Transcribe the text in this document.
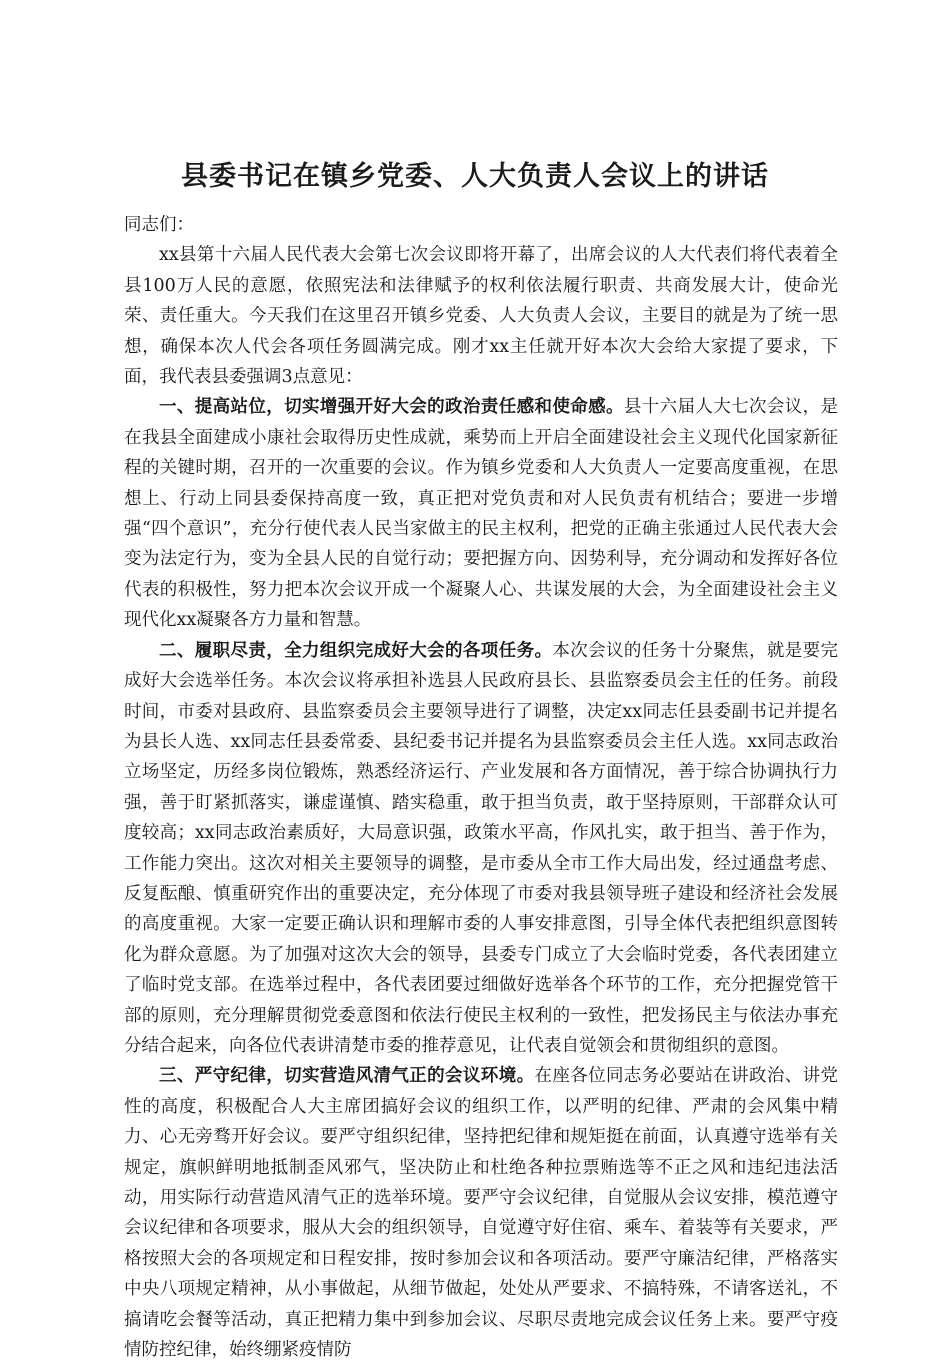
县委书记在镇乡党委、人大负责人会议上的讲话

同志们：

xx县第十六届人民代表大会第七次会议即将开幕了，出席会议的人大代表们将代表着全县100万人民的意愿，依照宪法和法律赋予的权利依法履行职责、共商发展大计，使命光荣、责任重大。今天我们在这里召开镇乡党委、人大负责人会议，主要目的就是为了统一思想，确保本次人代会各项任务圆满完成。刚才xx主任就开好本次大会给大家提了要求，下面，我代表县委强调3点意见：

一、提高站位，切实增强开好大会的政治责任感和使命感。县十六届人大七次会议，是在我县全面建成小康社会取得历史性成就，乘势而上开启全面建设社会主义现代化国家新征程的关键时期，召开的一次重要的会议。作为镇乡党委和人大负责人一定要高度重视，在思想上、行动上同县委保持高度一致，真正把对党负责和对人民负责有机结合；要进一步增强“四个意识”，充分行使代表人民当家做主的民主权利，把党的正确主张通过人民代表大会变为法定行为，变为全县人民的自觉行动；要把握方向、因势利导，充分调动和发挥好各位代表的积极性，努力把本次会议开成一个凝聚人心、共谋发展的大会，为全面建设社会主义现代化xx凝聚各方力量和智慧。

二、履职尽责，全力组织完成好大会的各项任务。本次会议的任务十分聚焦，就是要完成好大会选举任务。本次会议将承担补选县人民政府县长、县监察委员会主任的任务。前段时间，市委对县政府、县监察委员会主要领导进行了调整，决定xx同志任县委副书记并提名为县长人选、xx同志任县委常委、县纪委书记并提名为县监察委员会主任人选。xx同志政治立场坚定，历经多岗位锻炼，熟悉经济运行、产业发展和各方面情况，善于综合协调执行力强，善于盯紧抓落实，谦虚谨慎、踏实稳重，敢于担当负责，敢于坚持原则，干部群众认可度较高；xx同志政治素质好，大局意识强，政策水平高，作风扎实，敢于担当、善于作为，工作能力突出。这次对相关主要领导的调整，是市委从全市工作大局出发，经过通盘考虑、反复酝酿、慎重研究作出的重要决定，充分体现了市委对我县领导班子建设和经济社会发展的高度重视。大家一定要正确认识和理解市委的人事安排意图，引导全体代表把组织意图转化为群众意愿。为了加强对这次大会的领导，县委专门成立了大会临时党委，各代表团建立了临时党支部。在选举过程中，各代表团要过细做好选举各个环节的工作，充分把握党管干部的原则，充分理解贯彻党委意图和依法行使民主权利的一致性，把发扬民主与依法办事充分结合起来，向各位代表讲清楚市委的推荐意见，让代表自觉领会和贯彻组织的意图。

三、严守纪律，切实营造风清气正的会议环境。在座各位同志务必要站在讲政治、讲党性的高度，积极配合人大主席团搞好会议的组织工作，以严明的纪律、严肃的会风集中精力、心无旁骛开好会议。要严守组织纪律，坚持把纪律和规矩挺在前面，认真遵守选举有关规定，旗帜鲜明地抵制歪风邪气，坚决防止和杜绝各种拉票贿选等不正之风和违纪违法活动，用实际行动营造风清气正的选举环境。要严守会议纪律，自觉服从会议安排，模范遵守会议纪律和各项要求，服从大会的组织领导，自觉遵守好住宿、乘车、着装等有关要求，严格按照大会的各项规定和日程安排，按时参加会议和各项活动。要严守廉洁纪律，严格落实中央八项规定精神，从小事做起，从细节做起，处处从严要求、不搞特殊，不请客送礼，不搞请吃会餐等活动，真正把精力集中到参加会议、尽职尽责地完成会议任务上来。要严守疫情防控纪律，始终绷紧疫情防
